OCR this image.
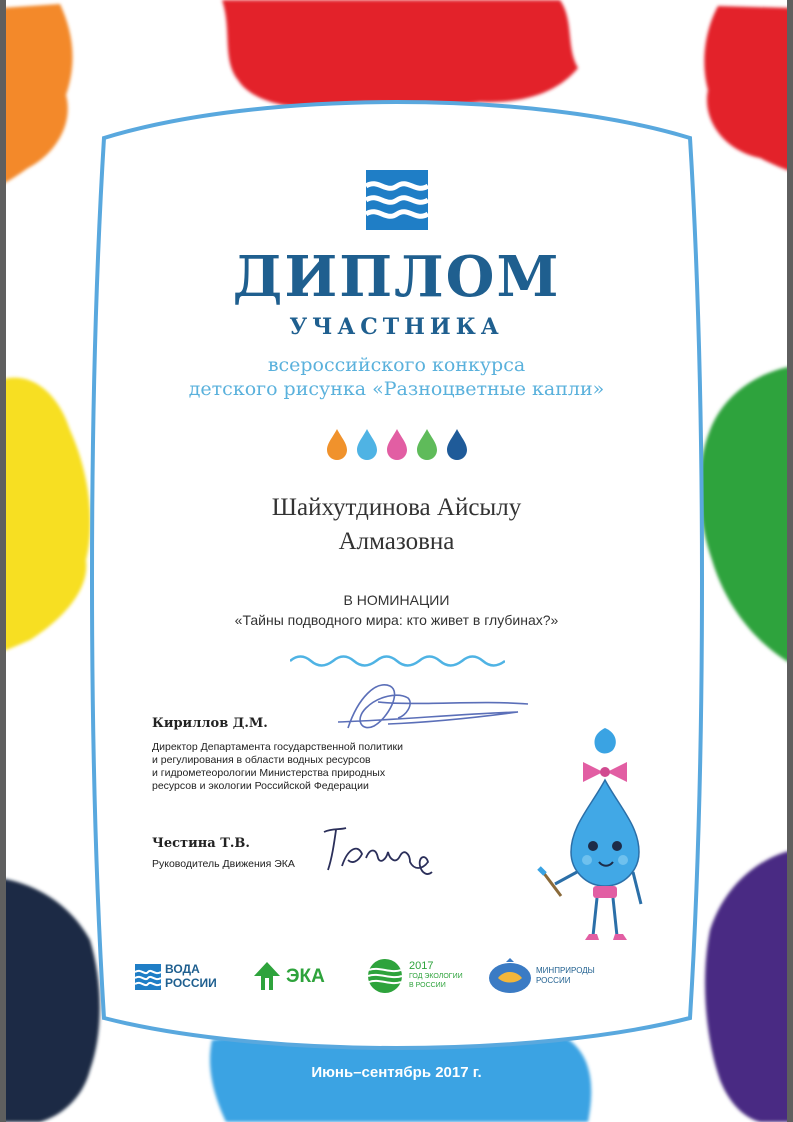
ДИПЛОМ
УЧАСТНИКА
всероссийского конкурса
детского рисунка «Разноцветные капли»
Шайхутдинова Айсылу
Алмазовна
В НОМИНАЦИИ
«Тайны подводного мира: кто живет в глубинах?»
Кириллов Д.М.
Директор Департамента государственной политики
и регулирования в области водных ресурсов
и гидрометеорологии Министерства природных
ресурсов и экологии Российской Федерации
Честина Т.В.
Руководитель Движения ЭКА
ВОДА
РОССИИ	ЭКА	2017
ГОД ЭКОЛОГИИ
В РОССИИ
МИНПРИРОДЫ
РОССИИ
Июнь–сентябрь 2017 г.
